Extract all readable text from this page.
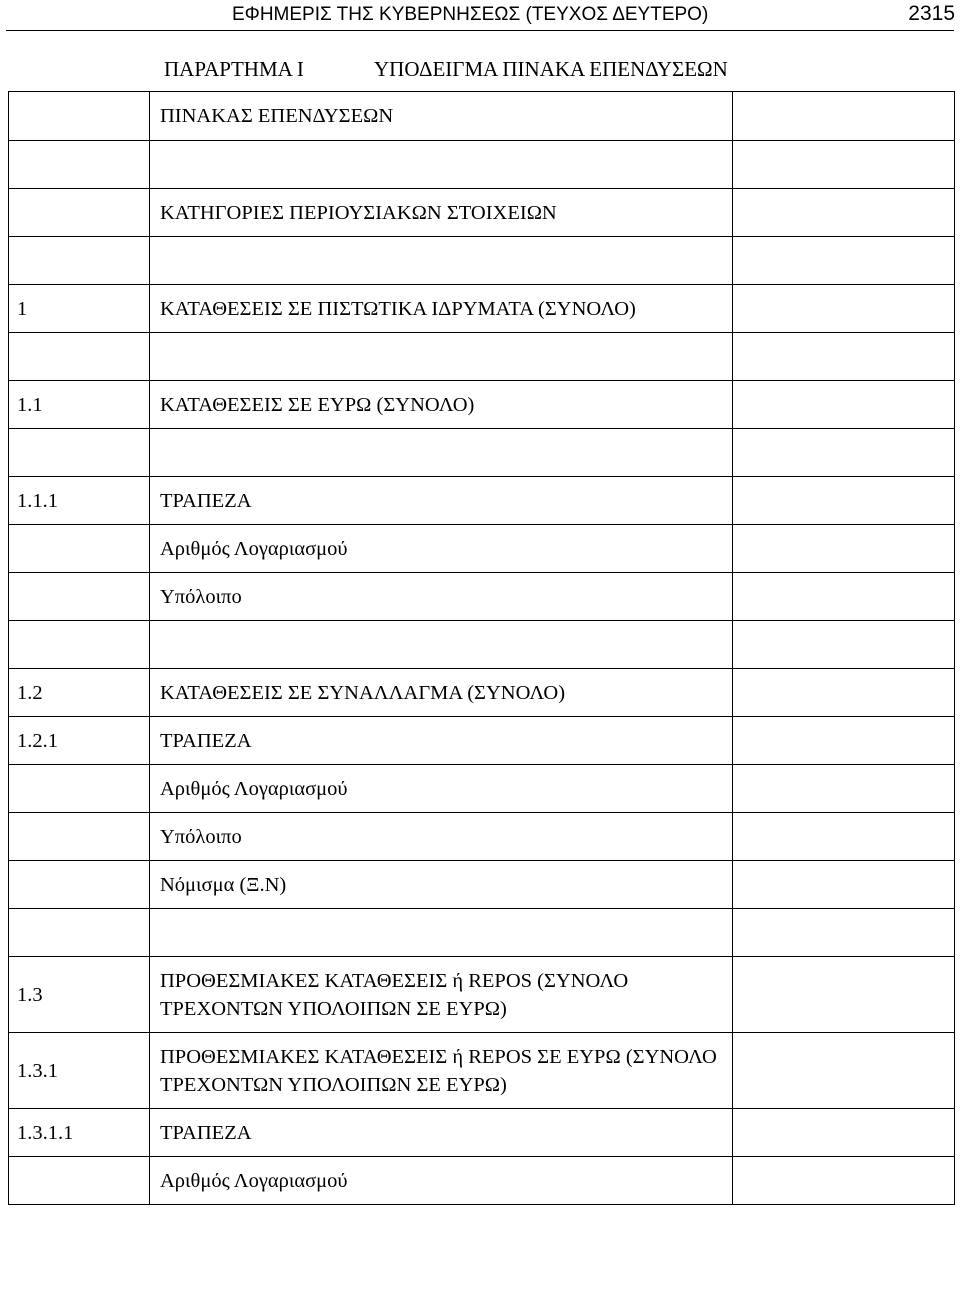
ΕΦΗΜΕΡΙΣ ΤΗΣ ΚΥΒΕΡΝΗΣΕΩΣ (ΤΕΥΧΟΣ ΔΕΥΤΕΡΟ)	2315
ΠΑΡΑΡΤΗΜΑ Ι	ΥΠΟΔΕΙΓΜΑ ΠΙΝΑΚΑ ΕΠΕΝΔΥΣΕΩΝ
	ΠΙΝΑΚΑΣ ΕΠΕΝΔΥΣΕΩΝ	

	ΚΑΤΗΓΟΡΙΕΣ ΠΕΡΙΟΥΣΙΑΚΩΝ ΣΤΟΙΧΕΙΩΝ	

1	ΚΑΤΑΘΕΣΕΙΣ ΣΕ ΠΙΣΤΩΤΙΚΑ ΙΔΡΥΜΑΤΑ (ΣΥΝΟΛΟ)	

1.1	ΚΑΤΑΘΕΣΕΙΣ ΣΕ ΕΥΡΩ (ΣΥΝΟΛΟ)	

1.1.1	ΤΡΑΠΕΖΑ	
	Αριθμός Λογαριασμού	
	Υπόλοιπο	

1.2	ΚΑΤΑΘΕΣΕΙΣ ΣΕ ΣΥΝΑΛΛΑΓΜΑ (ΣΥΝΟΛΟ)	
1.2.1	ΤΡΑΠΕΖΑ	
	Αριθμός Λογαριασμού	
	Υπόλοιπο	
	Νόμισμα (Ξ.Ν)	

1.3	ΠΡΟΘΕΣΜΙΑΚΕΣ ΚΑΤΑΘΕΣΕΙΣ ή REPOS (ΣΥΝΟΛΟ ΤΡΕΧΟΝΤΩΝ ΥΠΟΛΟΙΠΩΝ ΣΕ ΕΥΡΩ)	
1.3.1	ΠΡΟΘΕΣΜΙΑΚΕΣ ΚΑΤΑΘΕΣΕΙΣ ή REPOS ΣΕ ΕΥΡΩ (ΣΥΝΟΛΟ ΤΡΕΧΟΝΤΩΝ ΥΠΟΛΟΙΠΩΝ ΣΕ ΕΥΡΩ)	
1.3.1.1	ΤΡΑΠΕΖΑ	
	Αριθμός Λογαριασμού	
